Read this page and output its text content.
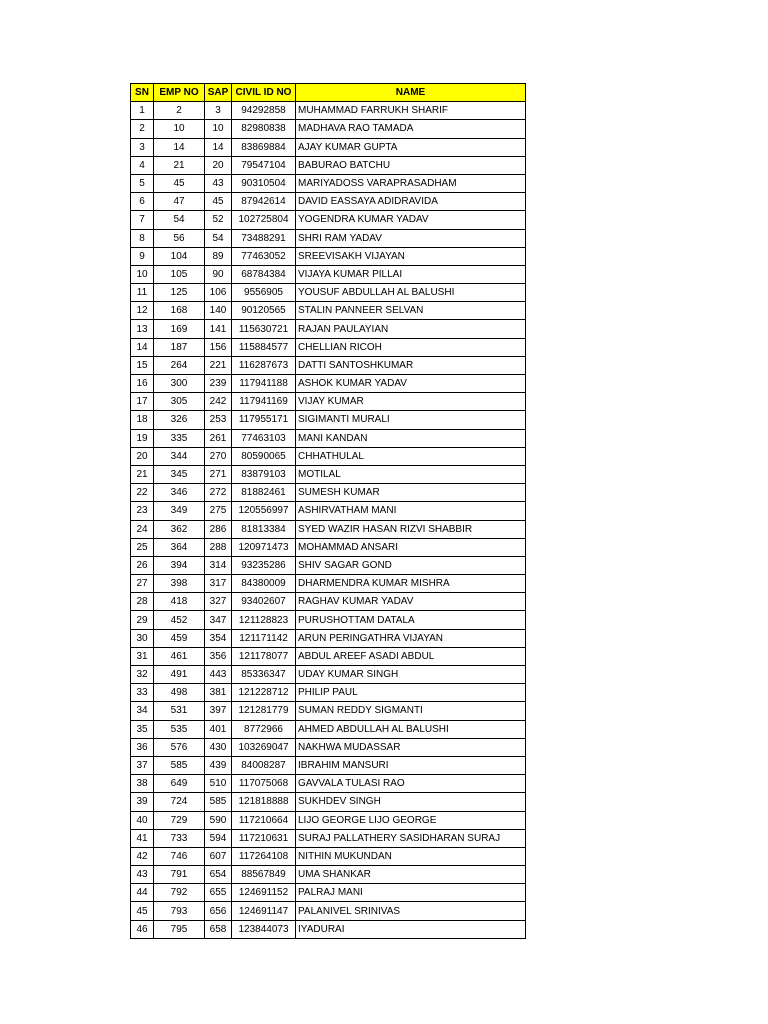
SN	EMP NO	SAP	CIVIL ID NO	NAME
1	2	3	94292858	MUHAMMAD FARRUKH SHARIF
2	10	10	82980838	MADHAVA RAO TAMADA
3	14	14	83869884	AJAY KUMAR GUPTA
4	21	20	79547104	BABURAO BATCHU
5	45	43	90310504	MARIYADOSS VARAPRASADHAM
6	47	45	87942614	DAVID EASSAYA ADIDRAVIDA
7	54	52	102725804	YOGENDRA KUMAR YADAV
8	56	54	73488291	SHRI RAM YADAV
9	104	89	77463052	SREEVISAKH VIJAYAN
10	105	90	68784384	VIJAYA KUMAR PILLAI
11	125	106	9556905	YOUSUF ABDULLAH AL BALUSHI
12	168	140	90120565	STALIN PANNEER SELVAN
13	169	141	115630721	RAJAN PAULAYIAN
14	187	156	115884577	CHELLIAN RICOH
15	264	221	116287673	DATTI SANTOSHKUMAR
16	300	239	117941188	ASHOK KUMAR YADAV
17	305	242	117941169	VIJAY KUMAR
18	326	253	117955171	SIGIMANTI MURALI
19	335	261	77463103	MANI KANDAN
20	344	270	80590065	CHHATHULAL
21	345	271	83879103	MOTILAL
22	346	272	81882461	SUMESH KUMAR
23	349	275	120556997	ASHIRVATHAM MANI
24	362	286	81813384	SYED WAZIR HASAN RIZVI SHABBIR
25	364	288	120971473	MOHAMMAD ANSARI
26	394	314	93235286	SHIV SAGAR GOND
27	398	317	84380009	DHARMENDRA KUMAR MISHRA
28	418	327	93402607	RAGHAV KUMAR YADAV
29	452	347	121128823	PURUSHOTTAM DATALA
30	459	354	121171142	ARUN PERINGATHRA VIJAYAN
31	461	356	121178077	ABDUL AREEF ASADI ABDUL
32	491	443	85336347	UDAY KUMAR SINGH
33	498	381	121228712	PHILIP PAUL
34	531	397	121281779	SUMAN REDDY SIGMANTI
35	535	401	8772966	AHMED ABDULLAH AL BALUSHI
36	576	430	103269047	NAKHWA MUDASSAR
37	585	439	84008287	IBRAHIM MANSURI
38	649	510	117075068	GAVVALA TULASI RAO
39	724	585	121818888	SUKHDEV SINGH
40	729	590	117210664	LIJO GEORGE LIJO GEORGE
41	733	594	117210631	SURAJ PALLATHERY SASIDHARAN SURAJ
42	746	607	117264108	NITHIN MUKUNDAN
43	791	654	88567849	UMA SHANKAR
44	792	655	124691152	PALRAJ MANI
45	793	656	124691147	PALANIVEL SRINIVAS
46	795	658	123844073	IYADURAI
